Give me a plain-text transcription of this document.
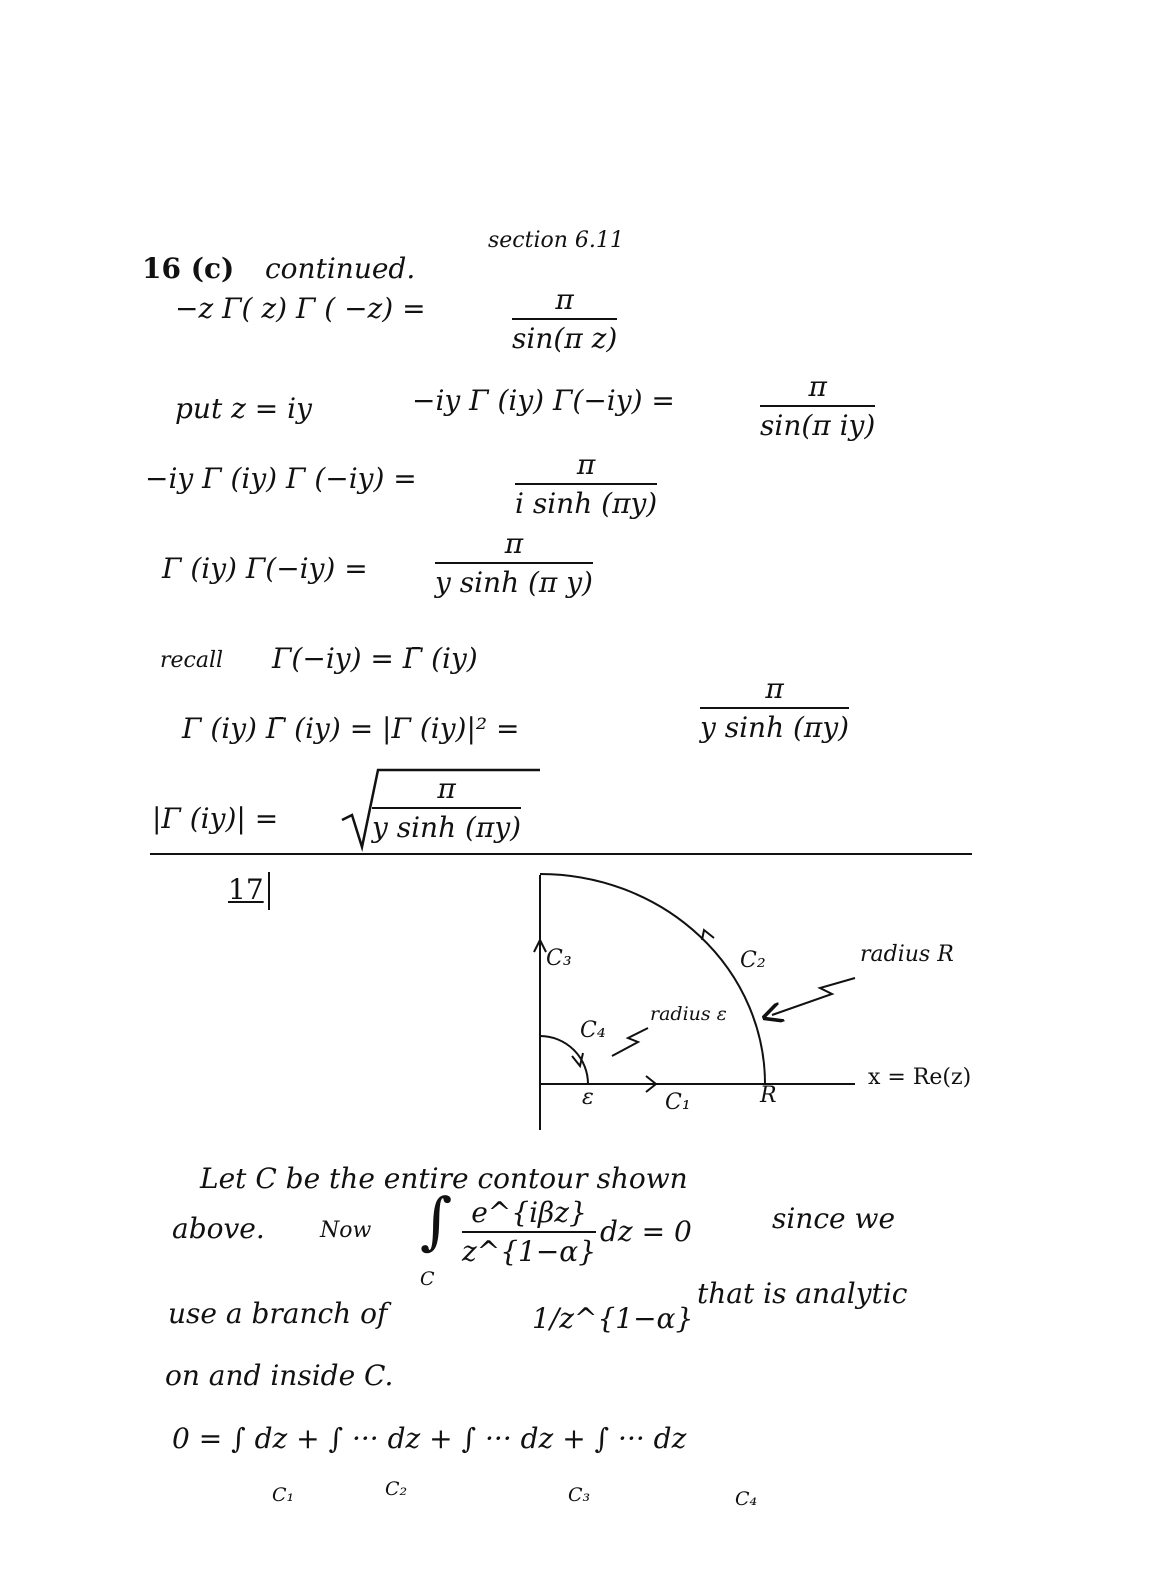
section 6.11
16 (c) continued.
−z Γ( z) Γ ( −z) =	$\frac{\pi}{\text{sin(π z)}}$
put z = iy	−iy Γ (iy) Γ(−iy) =	$\frac{\pi}{\text{sin(π iy)}}$
−iy Γ (iy) Γ (−iy) =	$\frac{\pi}{\text{i sinh (πy)}}$
Γ (iy) $\Gamma(-iy) = \frac{\pi}{\text{y sinh (π y)}}$
recall Γ(−iy) = Γ̄ (iy)
Γ (iy) Γ̄ (iy) = |Γ (iy)|² =	$\frac{\pi}{\text{y sinh (πy)}}$
|Γ (iy)| =	$\frac{\pi}{\text{y sinh (πy)}}$
17
C₃	C₂	radius R
radius ε
C₄
ε	C₁	R
x = Re(z)
Let C be the entire contour shown
above.	Now ∫
C
e^{iβz}
z^{1−α}
dz = 0	since we
use a branch of	1/z^{1−α}
that is analytic
on and inside C.
0 = ∫ dz + ∫ ··· dz + ∫ ··· dz + ∫ ··· dz
C₁	C₂	C₃	C₄
